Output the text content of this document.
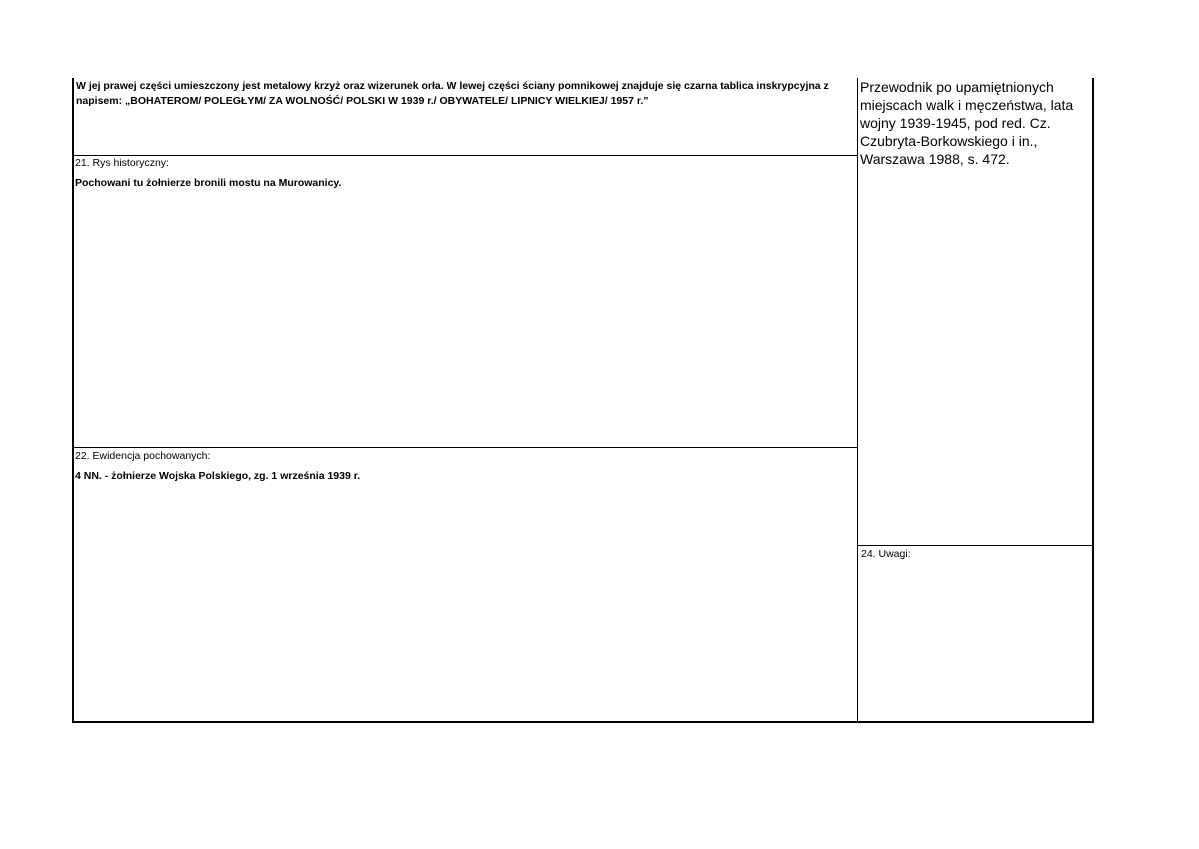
W jej prawej części umieszczony jest metalowy krzyż oraz wizerunek orła. W lewej części ściany pomnikowej znajduje się czarna tablica inskrypcyjna z napisem: „BOHATEROM/ POLEGŁYM/ ZA WOLNOŚĆ/ POLSKI W 1939 r./ OBYWATELE/ LIPNICY WIELKIEJ/ 1957 r.”

21. Rys historyczny:

Pochowani tu żołnierze bronili mostu na Murowanicy.

22. Ewidencja pochowanych:

4 NN. - żołnierze Wojska Polskiego, zg. 1 września 1939 r.

Przewodnik po upamiętnionych miejscach walk i męczeństwa, lata wojny 1939-1945, pod red. Cz. Czubryta-Borkowskiego i in., Warszawa 1988, s. 472.

24. Uwagi:
